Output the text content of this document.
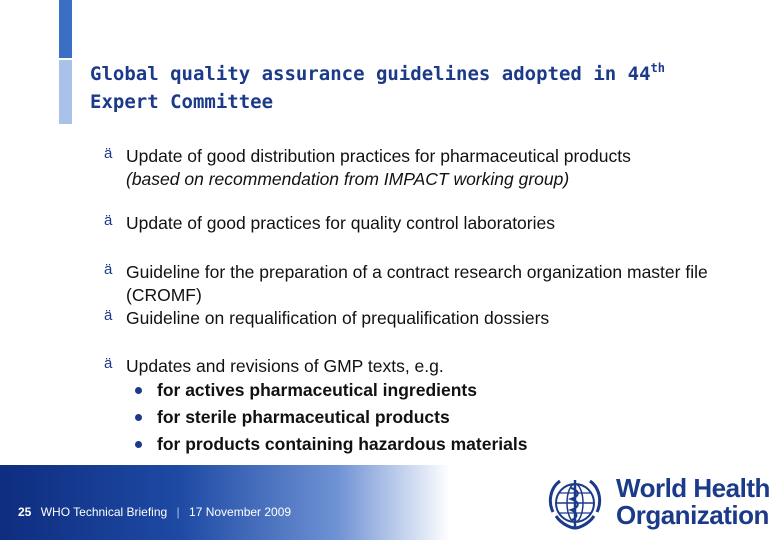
Global quality assurance guidelines adopted in 44th
Expert Committee
ä Update of good distribution practices for pharmaceutical products
(based on recommendation from IMPACT working group)
ä Update of good practices for quality control laboratories
ä Guideline for the preparation of a contract research organization master file (CROMF)
ä Guideline on requalification of prequalification dossiers
ä Updates and revisions of GMP texts, e.g.
for actives pharmaceutical ingredients
for sterile pharmaceutical products
for products containing hazardous materials
25 WHO Technical Briefing | 17 November 2009
World Health
Organization
